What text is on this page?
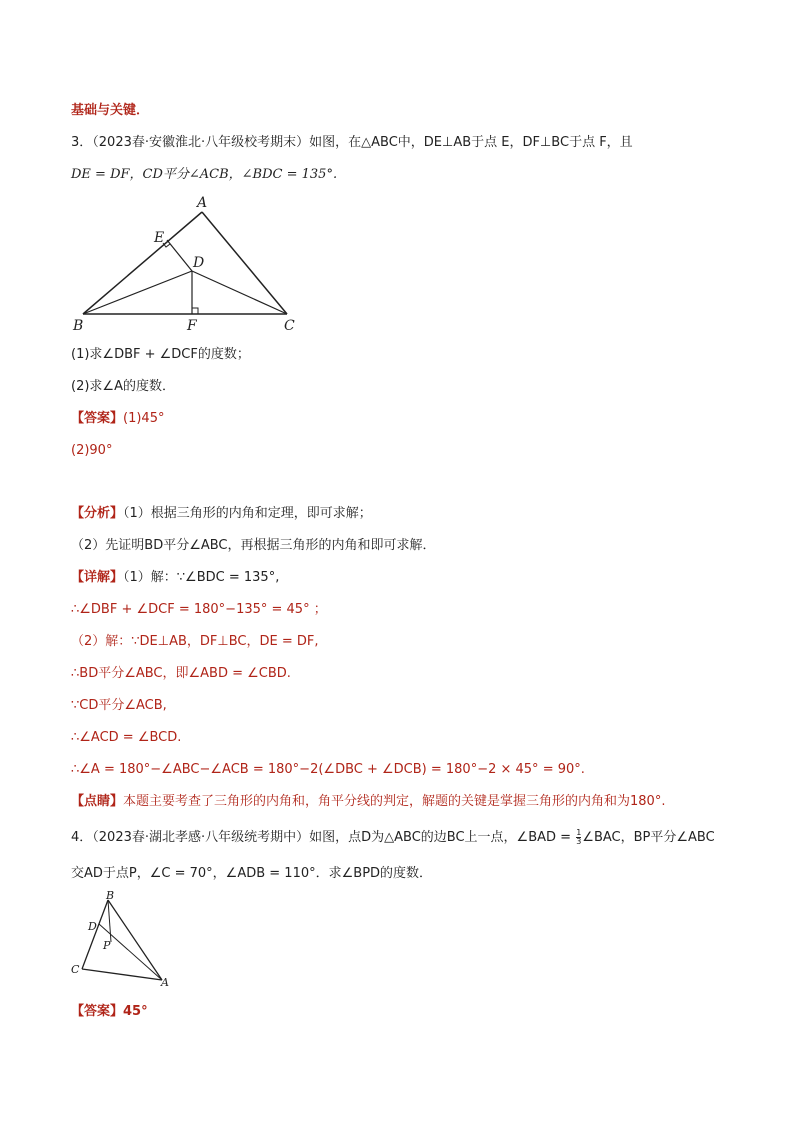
基础与关键．
3．（2023春·安徽淮北·八年级校考期末）如图，在△ABC中，DE⊥AB于点 E，DF⊥BC于点 F，且
DE = DF，CD平分∠ACB，∠BDC = 135°.
A
E
D
B	F	C
(1)求∠DBF + ∠DCF的度数；
(2)求∠A的度数．
【答案】(1)45°
(2)90°
【分析】（1）根据三角形的内角和定理，即可求解；
（2）先证明BD平分∠ABC，再根据三角形的内角和即可求解．
【详解】（1）解：∵∠BDC = 135°,
∴∠DBF + ∠DCF = 180°−135° = 45° ；
（2）解：∵DE⊥AB，DF⊥BC，DE = DF,
∴BD平分∠ABC，即∠ABD = ∠CBD.
∵CD平分∠ACB,
∴∠ACD = ∠BCD.
∴∠A = 180°−∠ABC−∠ACB = 180°−2(∠DBC + ∠DCB) = 180°−2 × 45° = 90°.
【点睛】本题主要考查了三角形的内角和，角平分线的判定，解题的关键是掌握三角形的内角和为180°.
4．（2023春·湖北孝感·八年级统考期中）如图，点D为△ABC的边BC上一点，∠BAD = $\frac{1}{3}$ ∠BAC，BP平分∠ABC
交AD于点P，∠C = 70°，∠ADB = 110°．求∠BPD的度数．
B
D
P
C
A
【答案】45°
